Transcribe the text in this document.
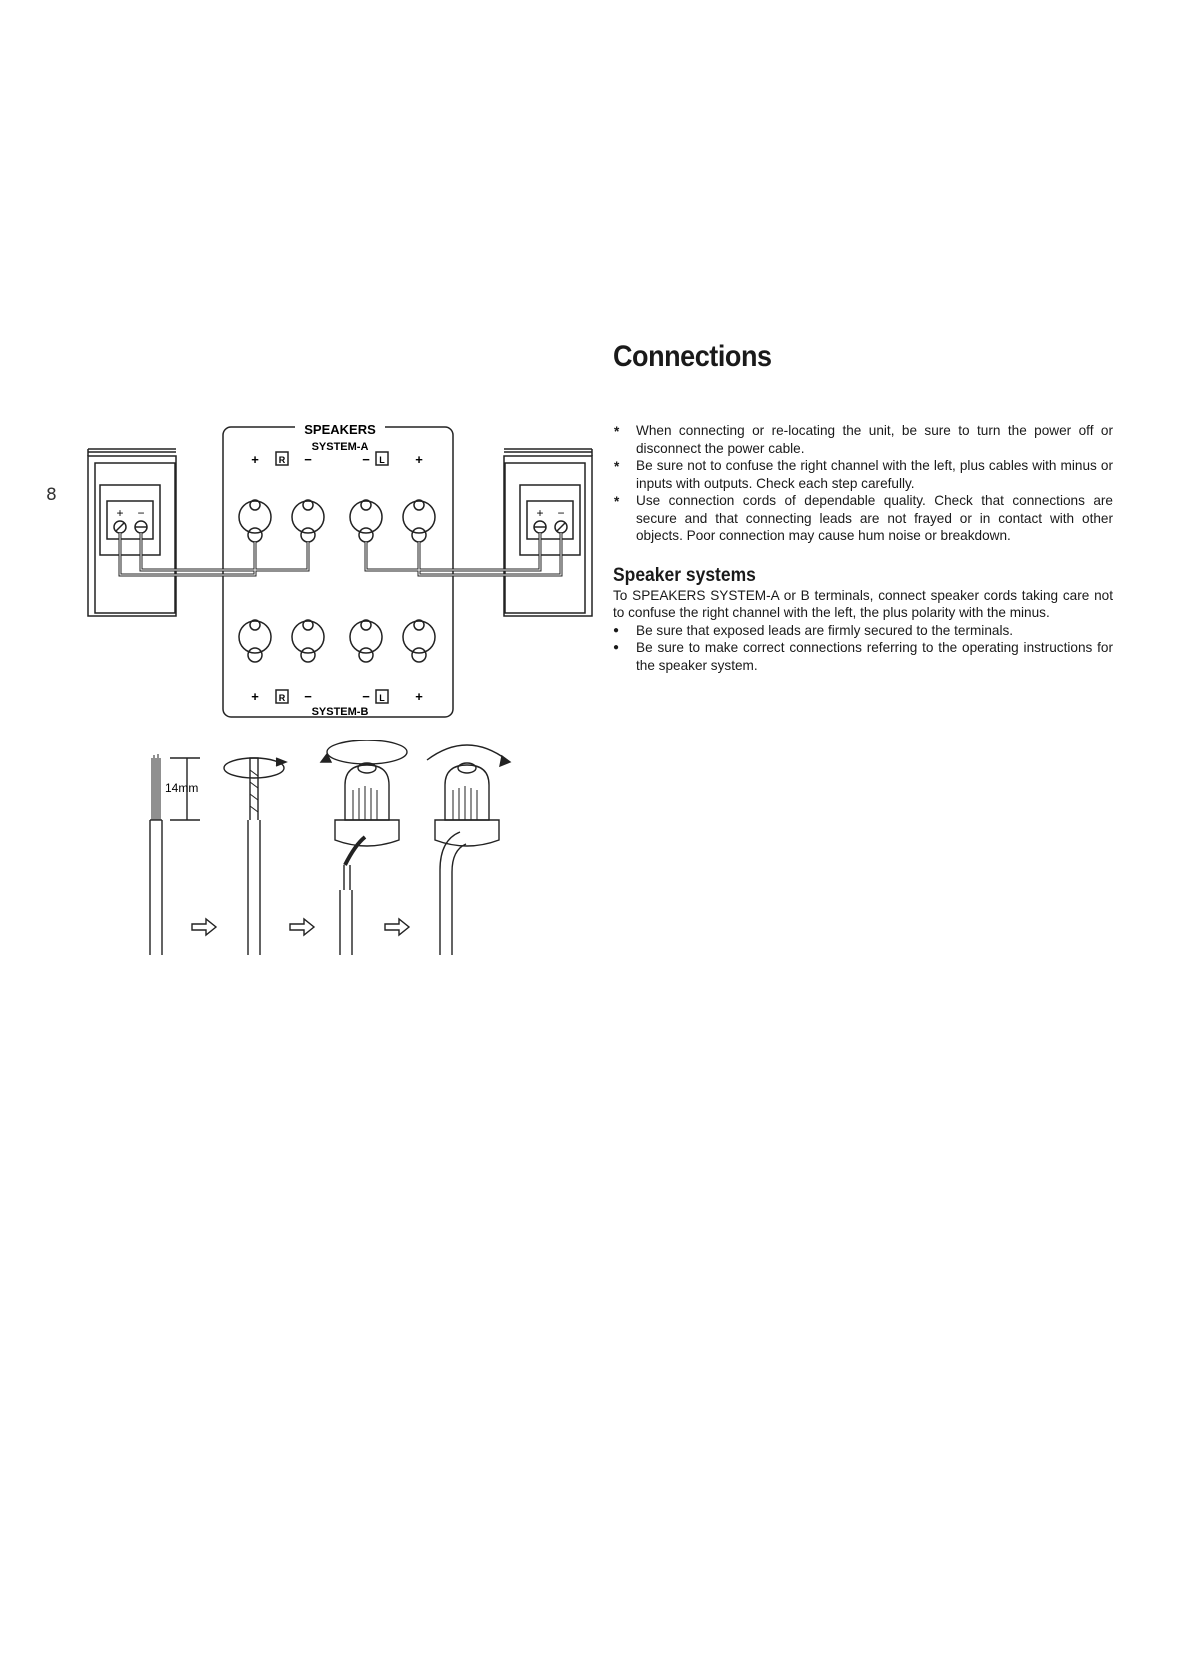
8
SPEAKERS
SYSTEM-A
SYSTEM-B
+ R −	− L +
+ R −	− L +
+ −	+ −
14mm
Connections
* When connecting or re-locating the unit, be sure to turn the power off or disconnect the power cable.
* Be sure not to confuse the right channel with the left, plus cables with minus or inputs with outputs. Check each step carefully.
* Use connection cords of dependable quality. Check that connections are secure and that connecting leads are not frayed or in contact with other objects. Poor connection may cause hum noise or breakdown.
Speaker systems

To SPEAKERS SYSTEM-A or B terminals, connect speaker cords taking care not to confuse the right channel with the left, the plus polarity with the minus.

● Be sure that exposed leads are firmly secured to the terminals.
● Be sure to make correct connections referring to the operating instructions for the speaker system.
